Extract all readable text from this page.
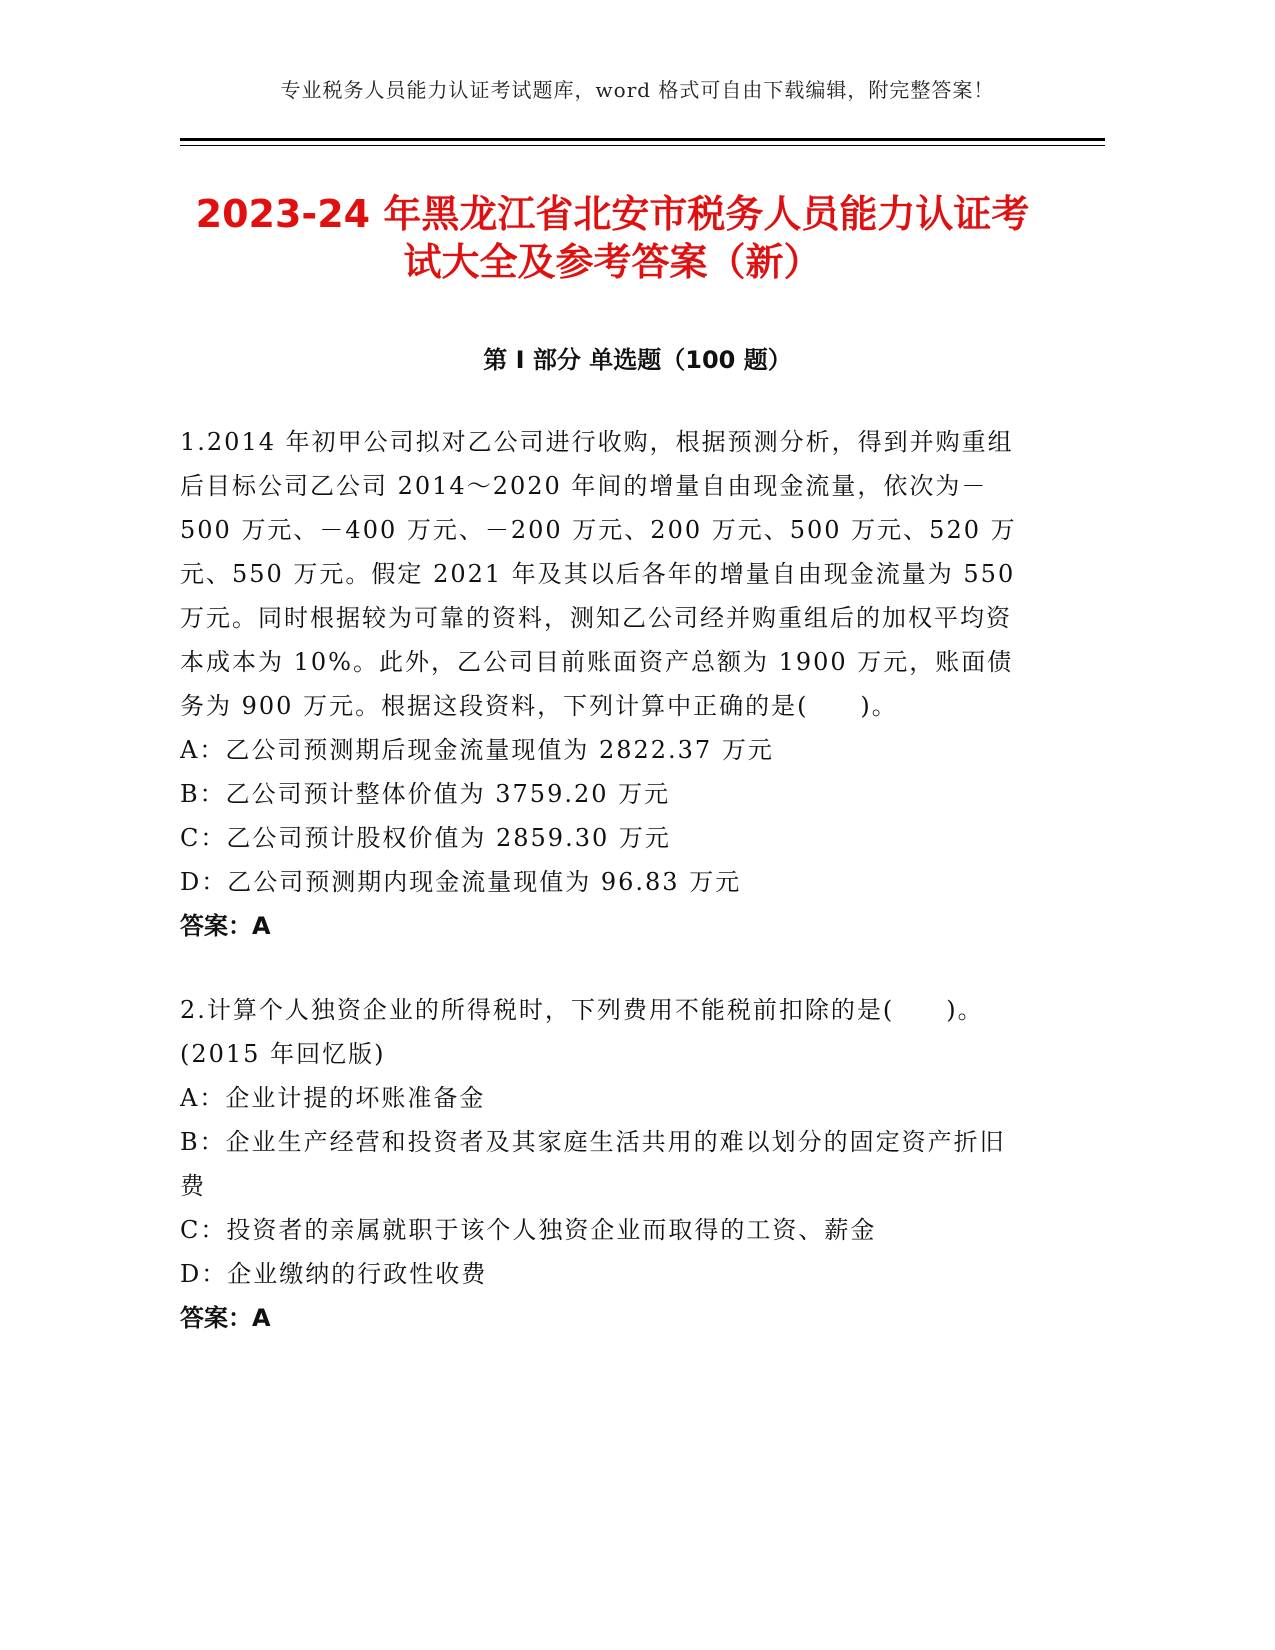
专业税务人员能力认证考试题库，word 格式可自由下载编辑，附完整答案！
2023-24 年黑龙江省北安市税务人员能力认证考试大全及参考答案（新）
第 I 部分 单选题（100 题）

1.2014 年初甲公司拟对乙公司进行收购，根据预测分析，得到并购重组后目标公司乙公司 2014～2020 年间的增量自由现金流量，依次为－500 万元、－400 万元、－200 万元、200 万元、500 万元、520 万元、550 万元。假定 2021 年及其以后各年的增量自由现金流量为 550 万元。同时根据较为可靠的资料，测知乙公司经并购重组后的加权平均资本成本为 10%。此外，乙公司目前账面资产总额为 1900 万元，账面债务为 900 万元。根据这段资料，下列计算中正确的是(　　)。

A：乙公司预测期后现金流量现值为 2822.37 万元

B：乙公司预计整体价值为 3759.20 万元

C：乙公司预计股权价值为 2859.30 万元

D：乙公司预测期内现金流量现值为 96.83 万元

答案：A

2.计算个人独资企业的所得税时，下列费用不能税前扣除的是(　　)。(2015 年回忆版)

A：企业计提的坏账准备金

B：企业生产经营和投资者及其家庭生活共用的难以划分的固定资产折旧费

C：投资者的亲属就职于该个人独资企业而取得的工资、薪金

D：企业缴纳的行政性收费

答案：A
